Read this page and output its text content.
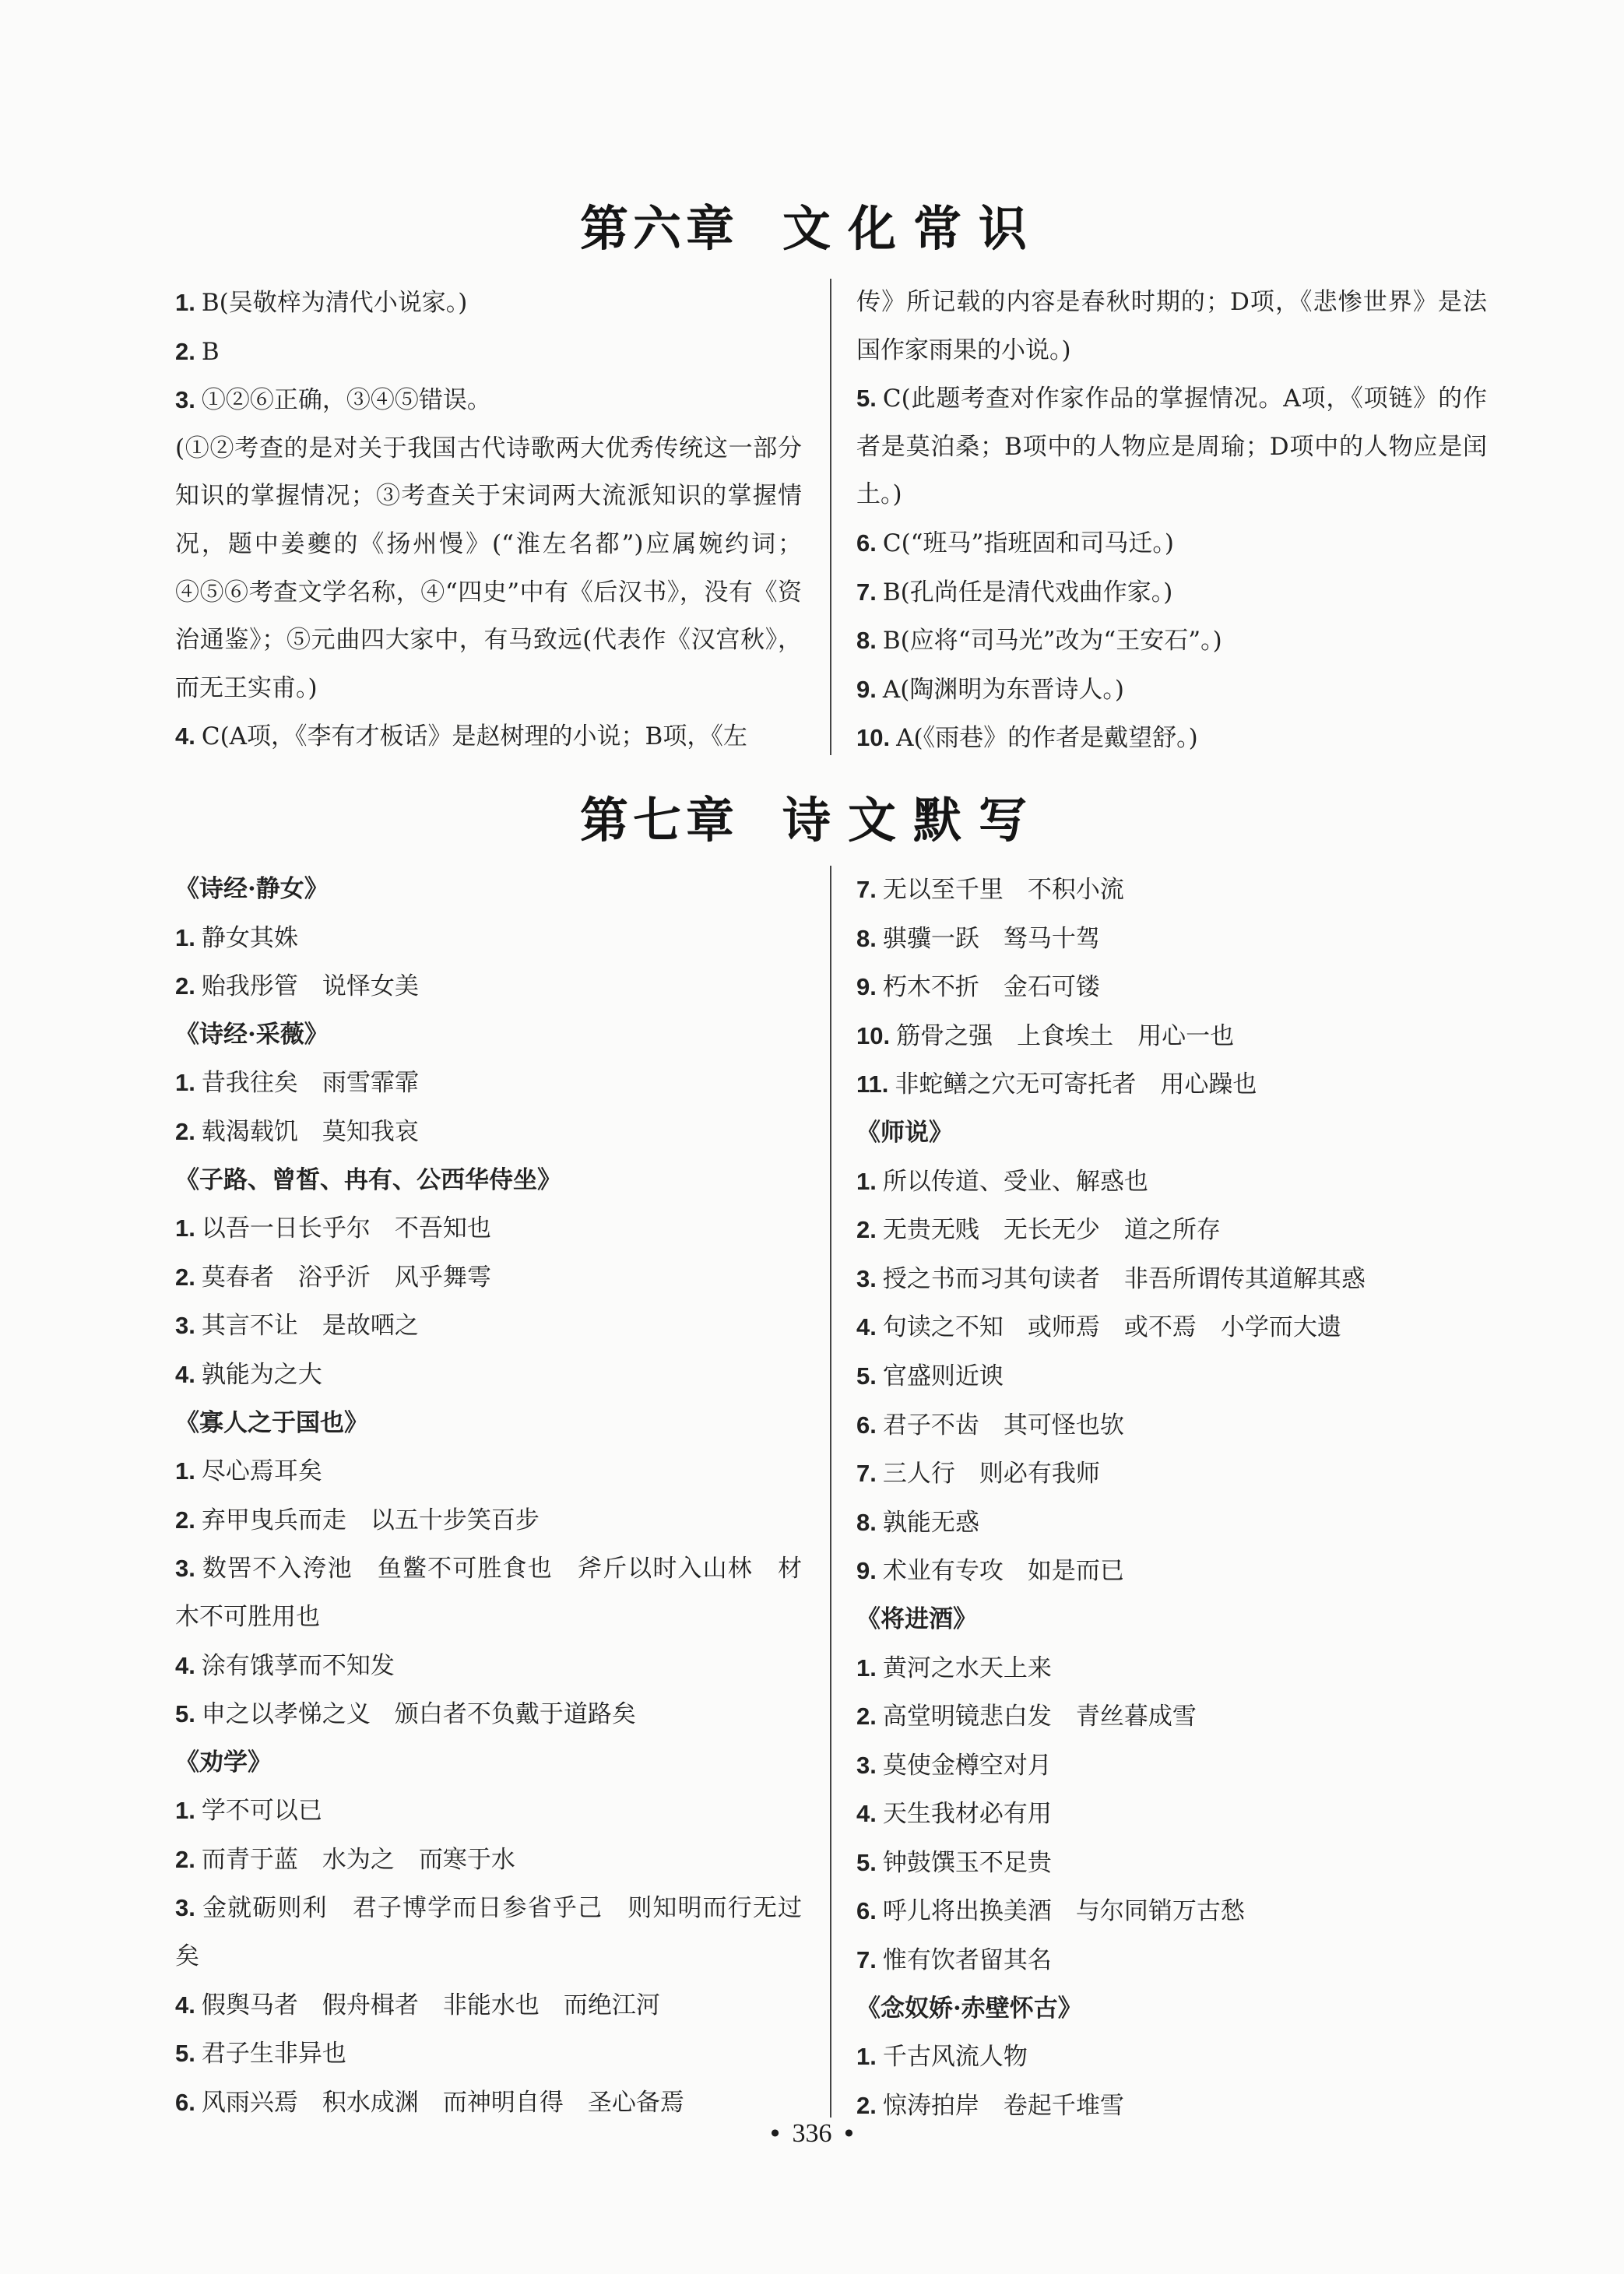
第六章 文化常识
1. B(吴敬梓为清代小说家。)
2. B
3. ①②⑥正确，③④⑤错误。
(①②考查的是对关于我国古代诗歌两大优秀传统这一部分知识的掌握情况；③考查关于宋词两大流派知识的掌握情况，题中姜夔的《扬州慢》(“淮左名都”)应属婉约词；④⑤⑥考查文学名称，④“四史”中有《后汉书》，没有《资治通鉴》；⑤元曲四大家中，有马致远(代表作《汉宫秋》，而无王实甫。)
4. C(A项，《李有才板话》是赵树理的小说；B项，《左
传》所记载的内容是春秋时期的；D项，《悲惨世界》是法国作家雨果的小说。)
5. C(此题考查对作家作品的掌握情况。A项，《项链》的作者是莫泊桑；B项中的人物应是周瑜；D项中的人物应是闰土。)
6. C(“班马”指班固和司马迁。)
7. B(孔尚任是清代戏曲作家。)
8. B(应将“司马光”改为“王安石”。)
9. A(陶渊明为东晋诗人。)
10. A(《雨巷》的作者是戴望舒。)
第七章 诗文默写
《诗经·静女》
1. 静女其姝
2. 贻我彤管　说怿女美
《诗经·采薇》
1. 昔我往矣　雨雪霏霏
2. 载渴载饥　莫知我哀
《子路、曾皙、冉有、公西华侍坐》
1. 以吾一日长乎尔　不吾知也
2. 莫春者　浴乎沂　风乎舞雩
3. 其言不让　是故哂之
4. 孰能为之大
《寡人之于国也》
1. 尽心焉耳矣
2. 弃甲曳兵而走　以五十步笑百步
3. 数罟不入洿池　鱼鳖不可胜食也　斧斤以时入山林　材木不可胜用也
4. 涂有饿莩而不知发
5. 申之以孝悌之义　颁白者不负戴于道路矣
《劝学》
1. 学不可以已
2. 而青于蓝　水为之　而寒于水
3. 金就砺则利　君子博学而日参省乎己　则知明而行无过矣
4. 假舆马者　假舟楫者　非能水也　而绝江河
5. 君子生非异也
6. 风雨兴焉　积水成渊　而神明自得　圣心备焉
7. 无以至千里　不积小流
8. 骐骥一跃　驽马十驾
9. 朽木不折　金石可镂
10. 筋骨之强　上食埃土　用心一也
11. 非蛇鳝之穴无可寄托者　用心躁也
《师说》
1. 所以传道、受业、解惑也
2. 无贵无贱　无长无少　道之所存
3. 授之书而习其句读者　非吾所谓传其道解其惑
4. 句读之不知　或师焉　或不焉　小学而大遗
5. 官盛则近谀
6. 君子不齿　其可怪也欤
7. 三人行　则必有我师
8. 孰能无惑
9. 术业有专攻　如是而已
《将进酒》
1. 黄河之水天上来
2. 高堂明镜悲白发　青丝暮成雪
3. 莫使金樽空对月
4. 天生我材必有用
5. 钟鼓馔玉不足贵
6. 呼儿将出换美酒　与尔同销万古愁
7. 惟有饮者留其名
《念奴娇·赤壁怀古》
1. 千古风流人物
2. 惊涛拍岸　卷起千堆雪
• 336 •
